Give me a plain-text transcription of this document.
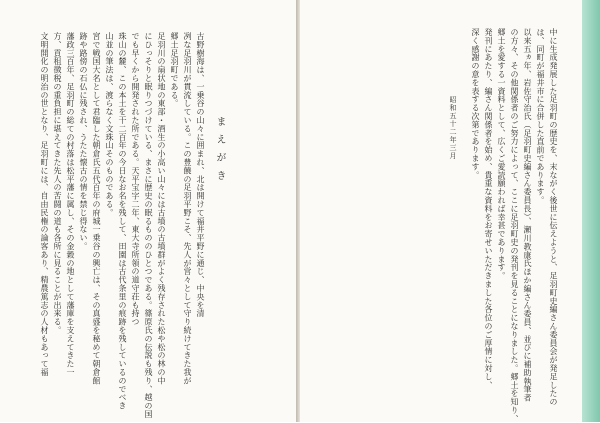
まえがき
古野樹海は、一乗谷の山々に囲まれ、北は開けて福井平野に通じ、中央を清
冽な足羽川が貫流している。この豊饒の足羽平野こそ、先人が営々として守り続けてきた我が
郷土足羽町である。
足羽川の扇状地の東部・酒生の小高い山々には古墳の古墳群がよく残存された松や松の林の中
にひっそりと眠りつづけている、まさに歴史の眠るもののひとつである。篠原氏の伝説も残り、越の国
でも早くから開発された所である。天平宝字二年、東大寺所領の道守荘も持つ
珠山の麓、この本土を干二百年の今日なお名を残して、田園は古代条里の痕跡を残しているのでべき
山並の筆法は、渡らなく文珠山そのものである。
宮で戦国大名として君臨した朝倉氏五代百年の府城一乗谷の興亡は、その真盛を秘めて朝倉館
跡や路傍の石仏に残され、うたた懐古の情を禁じ得ない。
藩政三百年、足羽町の総ての村落は松平藩に属し、その金穀の地として藩庫を支えてきた一
方、貢租徴税の重負担に堪えてきた先人の苦闘の道も各所に見ることが出来る。
文明開化の明治の世となり、足羽町には、自由民権の論客あり、精農篤志の人材もあって福	中に生成発展した足羽町の歴史を、末ながく後世に伝えようと、足羽町史編さん委員会が発足したの
は、同町が福井市に合併した直前であります。
以来五ヵ年、岩佐守治氏（足羽町史編さん委員長）、瀬川教康氏ほか編さん委員、並びに補助執筆者
の方々、その他関係者のご努力によって、ここに足羽町史の発刊を見ることになりました。郷土を知り、
郷土を愛する一資料として、広くご愛読願われば幸甚であります。
発刊にあたり、編さん関係者を始め、貴重な資料をお寄せいただきました各位のご厚情に対し、
深く感謝の意を表する次第であります。
昭和五十二年三月
